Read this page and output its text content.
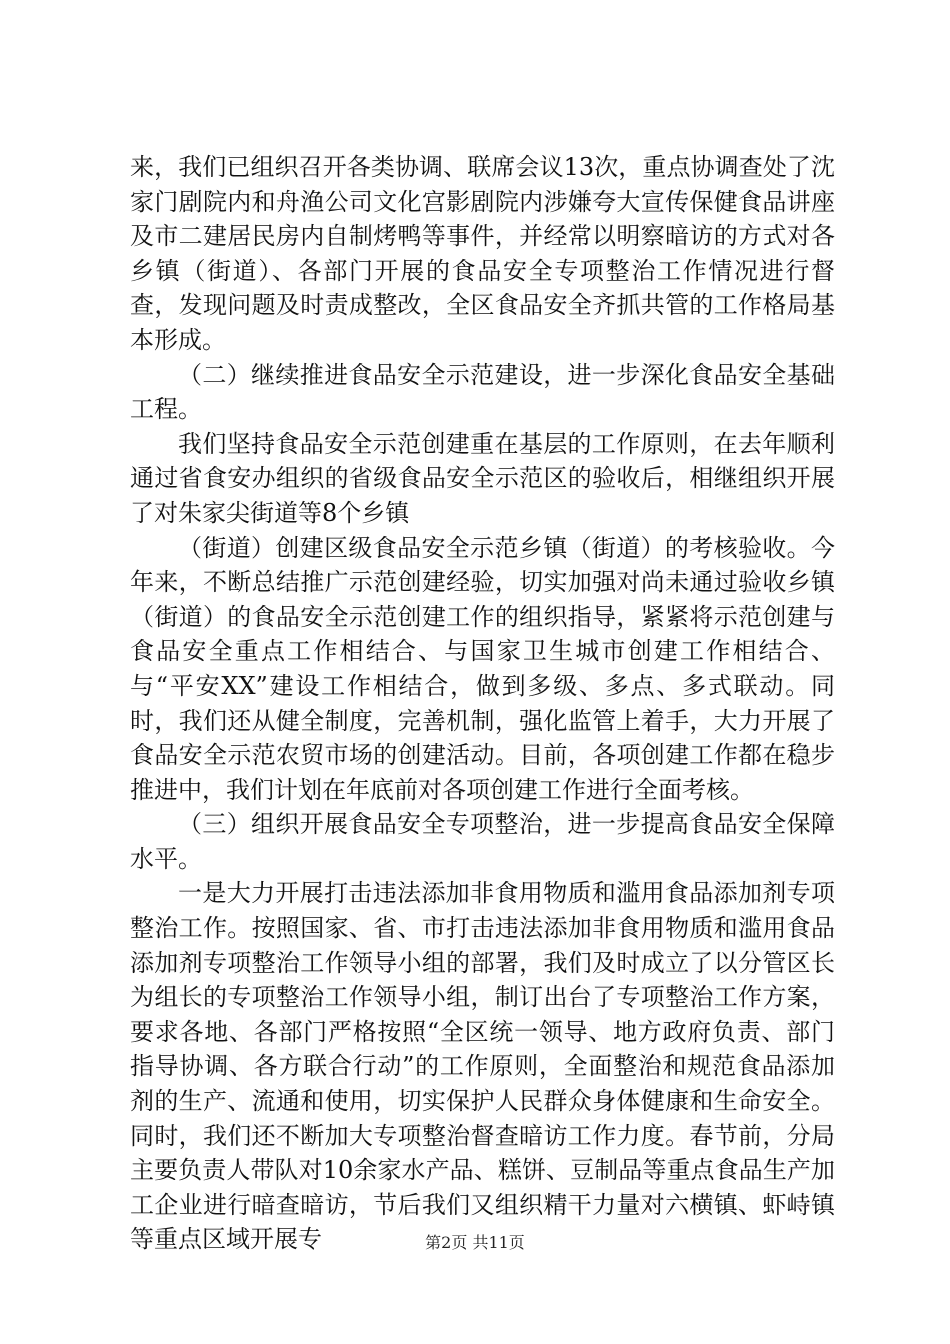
来，我们已组织召开各类协调、联席会议13次，重点协调查处了沈家门剧院内和舟渔公司文化宫影剧院内涉嫌夸大宣传保健食品讲座及市二建居民房内自制烤鸭等事件，并经常以明察暗访的方式对各乡镇（街道）、各部门开展的食品安全专项整治工作情况进行督查，发现问题及时责成整改，全区食品安全齐抓共管的工作格局基本形成。

（二）继续推进食品安全示范建设，进一步深化食品安全基础工程。

我们坚持食品安全示范创建重在基层的工作原则，在去年顺利通过省食安办组织的省级食品安全示范区的验收后，相继组织开展了对朱家尖街道等8个乡镇

（街道）创建区级食品安全示范乡镇（街道）的考核验收。今年来，不断总结推广示范创建经验，切实加强对尚未通过验收乡镇（街道）的食品安全示范创建工作的组织指导，紧紧将示范创建与食品安全重点工作相结合、与国家卫生城市创建工作相结合、与“平安XX”建设工作相结合，做到多级、多点、多式联动。同时，我们还从健全制度，完善机制，强化监管上着手，大力开展了食品安全示范农贸市场的创建活动。目前，各项创建工作都在稳步推进中，我们计划在年底前对各项创建工作进行全面考核。

（三）组织开展食品安全专项整治，进一步提高食品安全保障水平。

一是大力开展打击违法添加非食用物质和滥用食品添加剂专项整治工作。按照国家、省、市打击违法添加非食用物质和滥用食品添加剂专项整治工作领导小组的部署，我们及时成立了以分管区长为组长的专项整治工作领导小组，制订出台了专项整治工作方案，要求各地、各部门严格按照“全区统一领导、地方政府负责、部门指导协调、各方联合行动”的工作原则，全面整治和规范食品添加剂的生产、流通和使用，切实保护人民群众身体健康和生命安全。同时，我们还不断加大专项整治督查暗访工作力度。春节前，分局主要负责人带队对10余家水产品、糕饼、豆制品等重点食品生产加工企业进行暗查暗访，节后我们又组织精干力量对六横镇、虾峙镇等重点区域开展专	第2页 共11页
